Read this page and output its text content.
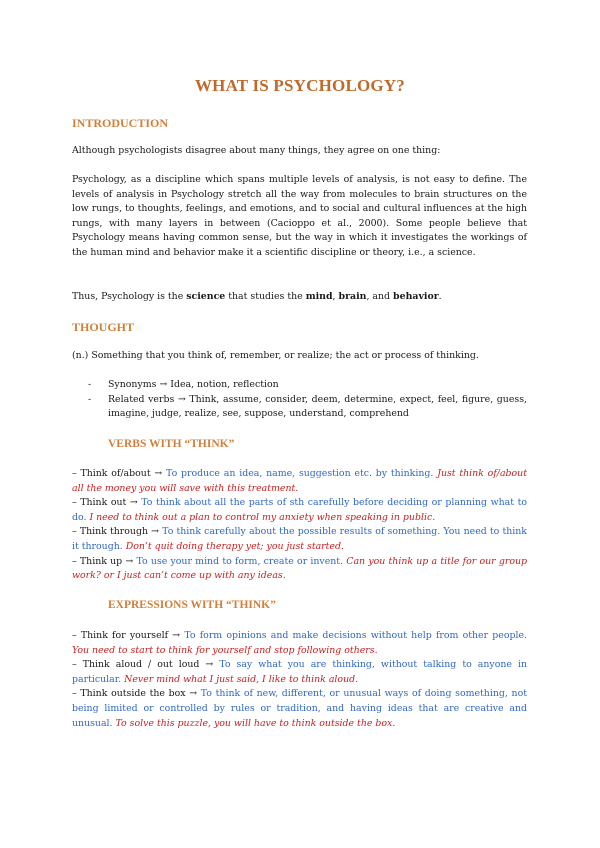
WHAT IS PSYCHOLOGY?
INTRODUCTION
Although psychologists disagree about many things, they agree on one thing:
Psychology, as a discipline which spans multiple levels of analysis, is not easy to define. The levels of analysis in Psychology stretch all the way from molecules to brain structures on the low rungs, to thoughts, feelings, and emotions, and to social and cultural influences at the high rungs, with many layers in between (Cacioppo et al., 2000). Some people believe that Psychology means having common sense, but the way in which it investigates the workings of the human mind and behavior make it a scientific discipline or theory, i.e., a science.
Thus, Psychology is the science that studies the mind, brain, and behavior.
THOUGHT
(n.) Something that you think of, remember, or realize; the act or process of thinking.
- Synonyms → Idea, notion, reflection
- Related verbs → Think, assume, consider, deem, determine, expect, feel, figure, guess, imagine, judge, realize, see, suppose, understand, comprehend
VERBS WITH “THINK”
– Think of/about → To produce an idea, name, suggestion etc. by thinking. Just think of/about all the money you will save with this treatment.
– Think out → To think about all the parts of sth carefully before deciding or planning what to do. I need to think out a plan to control my anxiety when speaking in public.
– Think through → To think carefully about the possible results of something. You need to think it through. Don’t quit doing therapy yet; you just started.
– Think up → To use your mind to form, create or invent. Can you think up a title for our group work? or I just can’t come up with any ideas.
EXPRESSIONS WITH “THINK”
– Think for yourself → To form opinions and make decisions without help from other people. You need to start to think for yourself and stop following others.
– Think aloud / out loud → To say what you are thinking, without talking to anyone in particular. Never mind what I just said, I like to think aloud.
– Think outside the box → To think of new, different, or unusual ways of doing something, not being limited or controlled by rules or tradition, and having ideas that are creative and unusual. To solve this puzzle, you will have to think outside the box.
